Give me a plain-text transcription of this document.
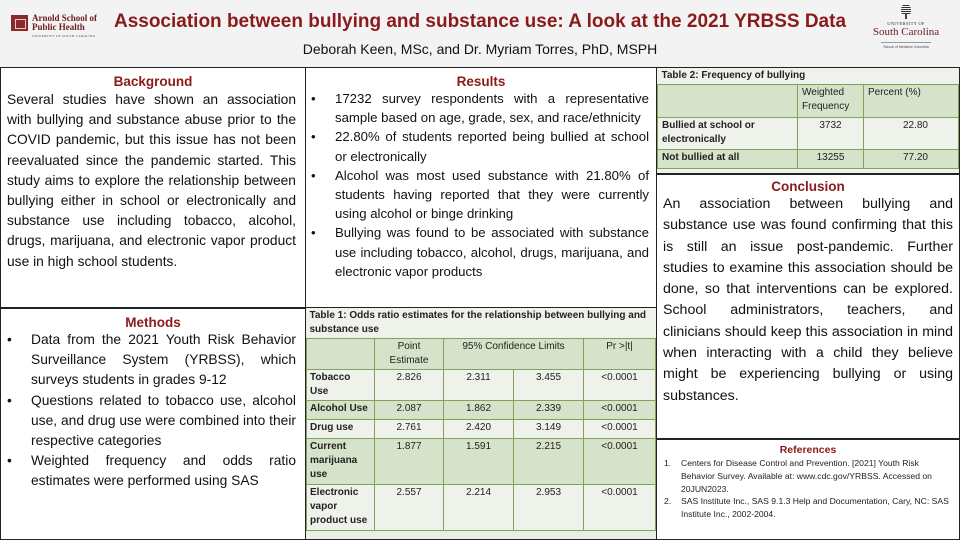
Arnold School of
Public Health
UNIVERSITY OF SOUTH CAROLINA
Association between bullying and substance use: A look at the 2021 YRBSS Data
Deborah Keen, MSc, and Dr. Myriam Torres, PhD, MSPH
UNIVERSITY OF
South Carolina
School of Medicine Columbia
Background
Several studies have shown an association with bullying and substance abuse prior to the COVID pandemic, but this issue has not been reevaluated since the pandemic started. This study aims to explore the relationship between bullying either in school or electronically and substance use including tobacco, alcohol, drugs, marijuana, and electronic vapor product use in high school students.
Methods
• Data from the 2021 Youth Risk Behavior Surveillance System (YRBSS), which surveys students in grades 9-12
• Questions related to tobacco use, alcohol use, and drug use were combined into their respective categories
• Weighted frequency and odds ratio estimates were performed using SAS
Results
• 17232 survey respondents with a representative sample based on age, grade, sex, and race/ethnicity
• 22.80% of students reported being bullied at school or electronically
• Alcohol was most used substance with 21.80% of students having reported that they were currently using alcohol or binge drinking
• Bullying was found to be associated with substance use including tobacco, alcohol, drugs, marijuana, and electronic vapor products
Table 1: Odds ratio estimates for the relationship between bullying and substance use				
	Point Estimate	95% Confidence Limits		Pr >|t|
Tobacco Use	2.826	2.311	3.455	<0.0001
Alcohol Use	2.087	1.862	2.339	<0.0001
Drug use	2.761	2.420	3.149	<0.0001
Current marijuana use	1.877	1.591	2.215	<0.0001
Electronic vapor product use	2.557	2.214	2.953	<0.0001
Table 2: Frequency of bullying		
	Weighted Frequency	Percent (%)
Bullied at school or electronically	3732	22.80
Not bullied at all	13255	77.20
Conclusion
An association between bullying and substance use was found confirming that this is still an issue post-pandemic. Further studies to examine this association should be done, so that interventions can be explored. School administrators, teachers, and clinicians should keep this association in mind when interacting with a child they believe might be experiencing bullying or using substances.
References
1. Centers for Disease Control and Prevention. [2021] Youth Risk Behavior Survey. Available at: www.cdc.gov/YRBSS. Accessed on 20JUN2023.
2. SAS Institute Inc., SAS 9.1.3 Help and Documentation, Cary, NC: SAS Institute Inc., 2002-2004.
